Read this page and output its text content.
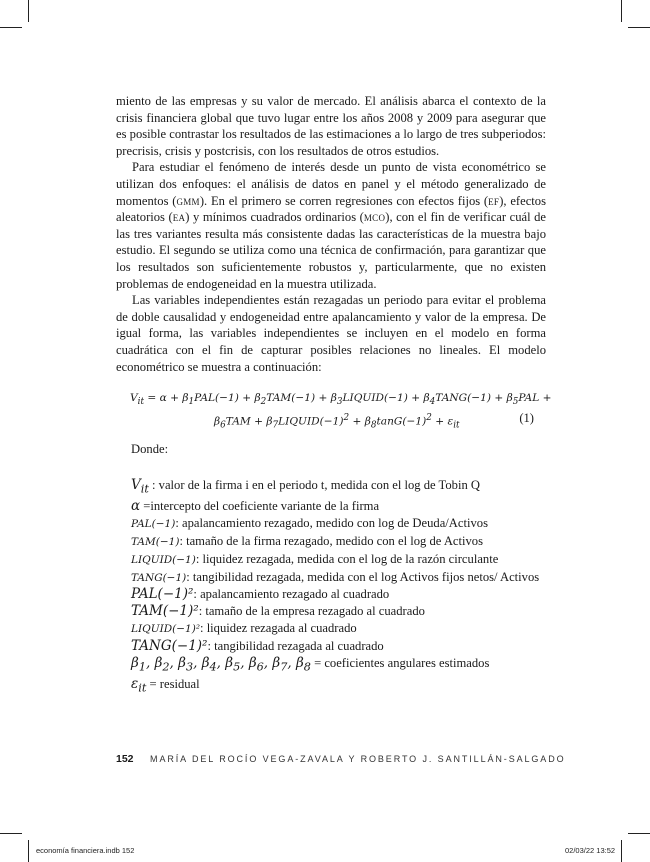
miento de las empresas y su valor de mercado. El análisis abarca el contexto de la crisis financiera global que tuvo lugar entre los años 2008 y 2009 para asegurar que es posible contrastar los resultados de las estimaciones a lo largo de tres subperiodos: precrisis, crisis y postcrisis, con los resultados de otros estudios.

Para estudiar el fenómeno de interés desde un punto de vista econométrico se utilizan dos enfoques: el análisis de datos en panel y el método generalizado de momentos (gmm). En el primero se corren regresiones con efectos fijos (ef), efectos aleatorios (ea) y mínimos cuadrados ordinarios (mco), con el fin de verificar cuál de las tres variantes resulta más consistente dadas las características de la muestra bajo estudio. El segundo se utiliza como una técnica de confirmación, para garantizar que los resultados son suficientemente robustos y, particularmente, que no existen problemas de endogeneidad en la muestra utilizada.

Las variables independientes están rezagadas un periodo para evitar el problema de doble causalidad y endogeneidad entre apalancamiento y valor de la empresa. De igual forma, las variables independientes se incluyen en el modelo en forma cuadrática con el fin de capturar posibles relaciones no lineales. El modelo econométrico se muestra a continuación:

$V_{it} = \alpha + \beta_1PAL(-1) + \beta_2TAM(-1)$ + $\beta_3LIQUID(-1)$ + $\beta_4TANG(-1) + \beta_5PAL$ +
$\beta_6TAM$ + $\beta_7LIQUID(-1)^2 + \beta_8\tan G(-1)^2 + \varepsilon_{it}$
(1)
Donde:
$V_{it}$ : valor de la firma i en el periodo t, medida con el log de Tobin Q
α =intercepto del coeficiente variante de la firma
PAL(−1): apalancamiento rezagado, medido con log de Deuda/Activos
TAM(−1): tamaño de la firma rezagado, medido con el log de Activos
LIQUID(−1): liquidez rezagada, medida con el log de la razón circulante
TANG(−1): tangibilidad rezagada, medida con el log Activos fijos netos/ Activos
PAL(−1)²: apalancamiento rezagado al cuadrado
TAM(−1)²: tamaño de la empresa rezagado al cuadrado
LIQUID(−1)²: liquidez rezagada al cuadrado
TANG(−1)²: tangibilidad rezagada al cuadrado
$\beta_1$, $\beta_2$, $\beta_3$, $\beta_4$, $\beta_5$, $\beta_6$, $\beta_7$, $\beta_8$ = coeficientes angulares estimados
$\varepsilon_{it}$ = residual
152 MARÍA DEL ROCÍO VEGA-ZAVALA Y ROBERTO J. SANTILLÁN-SALGADO
economía financiera.indb 152	02/03/22 13:52
